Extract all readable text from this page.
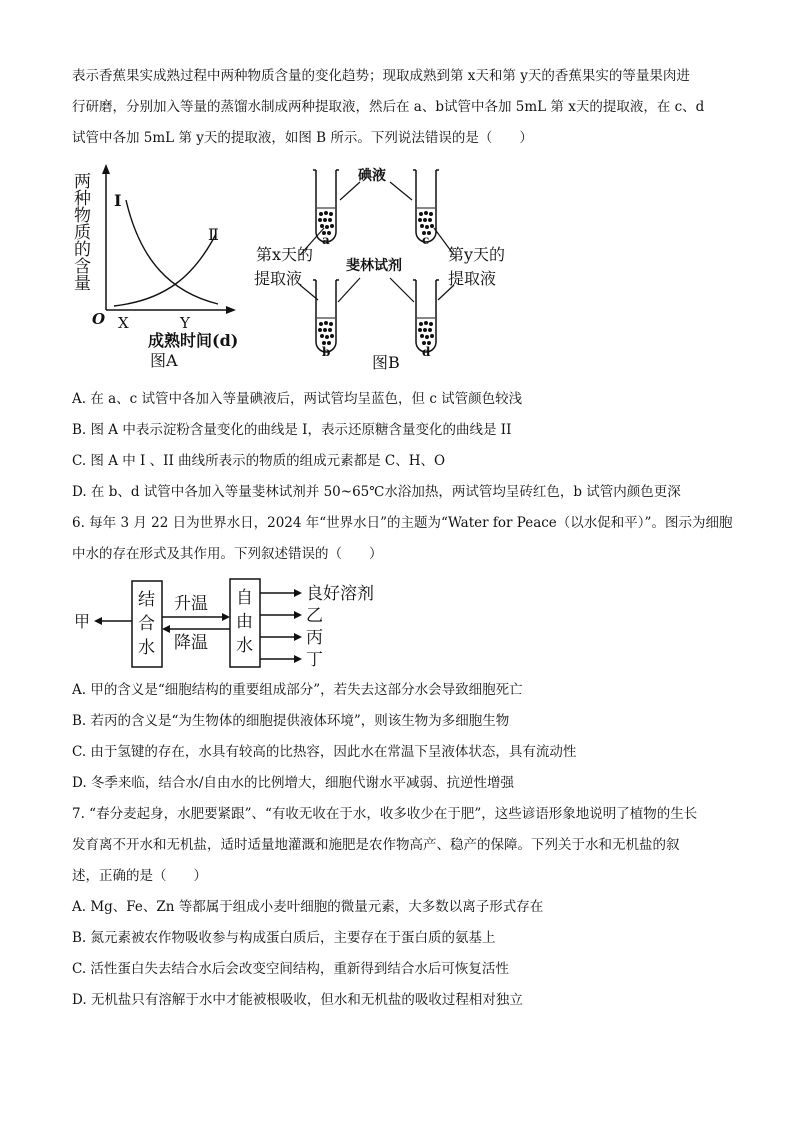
表示香蕉果实成熟过程中两种物质含量的变化趋势；现取成熟到第 x天和第 y天的香蕉果实的等量果肉进
行研磨，分别加入等量的蒸馏水制成两种提取液，然后在 a、b试管中各加 5mL 第 x天的提取液，在 c、d
试管中各加 5mL 第 y天的提取液，如图 B 所示。下列说法错误的是（　　）
两种物质的含量 I
Ⅱ
O X	Y
成熟时间(d)
图A
碘液
a	c
第x天的
提取液
第y天的
提取液
斐林试剂
b	d
图B
A. 在 a、c 试管中各加入等量碘液后，两试管均呈蓝色，但 c 试管颜色较浅
B. 图 A 中表示淀粉含量变化的曲线是 I，表示还原糖含量变化的曲线是 II
C. 图 A 中 I 、II 曲线所表示的物质的组成元素都是 C、H、O
D. 在 b、d 试管中各加入等量斐林试剂并 50~65℃水浴加热，两试管均呈砖红色，b 试管内颜色更深
6. 每年 3 月 22 日为世界水日，2024 年“世界水日”的主题为“Water for Peace（以水促和平）”。图示为细胞
中水的存在形式及其作用。下列叙述错误的（　　）
甲
结
合
水
升温
降温
自
由
水
良好溶剂
乙
丙
丁
A. 甲的含义是“细胞结构的重要组成部分”，若失去这部分水会导致细胞死亡
B. 若丙的含义是“为生物体的细胞提供液体环境”，则该生物为多细胞生物
C. 由于氢键的存在，水具有较高的比热容，因此水在常温下呈液体状态，具有流动性
D. 冬季来临，结合水/自由水的比例增大，细胞代谢水平减弱、抗逆性增强
7. “春分麦起身，水肥要紧跟”、“有收无收在于水，收多收少在于肥”，这些谚语形象地说明了植物的生长
发育离不开水和无机盐，适时适量地灌溉和施肥是农作物高产、稳产的保障。下列关于水和无机盐的叙
述，正确的是（　　）
A. Mg、Fe、Zn 等都属于组成小麦叶细胞的微量元素，大多数以离子形式存在
B. 氮元素被农作物吸收参与构成蛋白质后，主要存在于蛋白质的氨基上
C. 活性蛋白失去结合水后会改变空间结构，重新得到结合水后可恢复活性
D. 无机盐只有溶解于水中才能被根吸收，但水和无机盐的吸收过程相对独立
